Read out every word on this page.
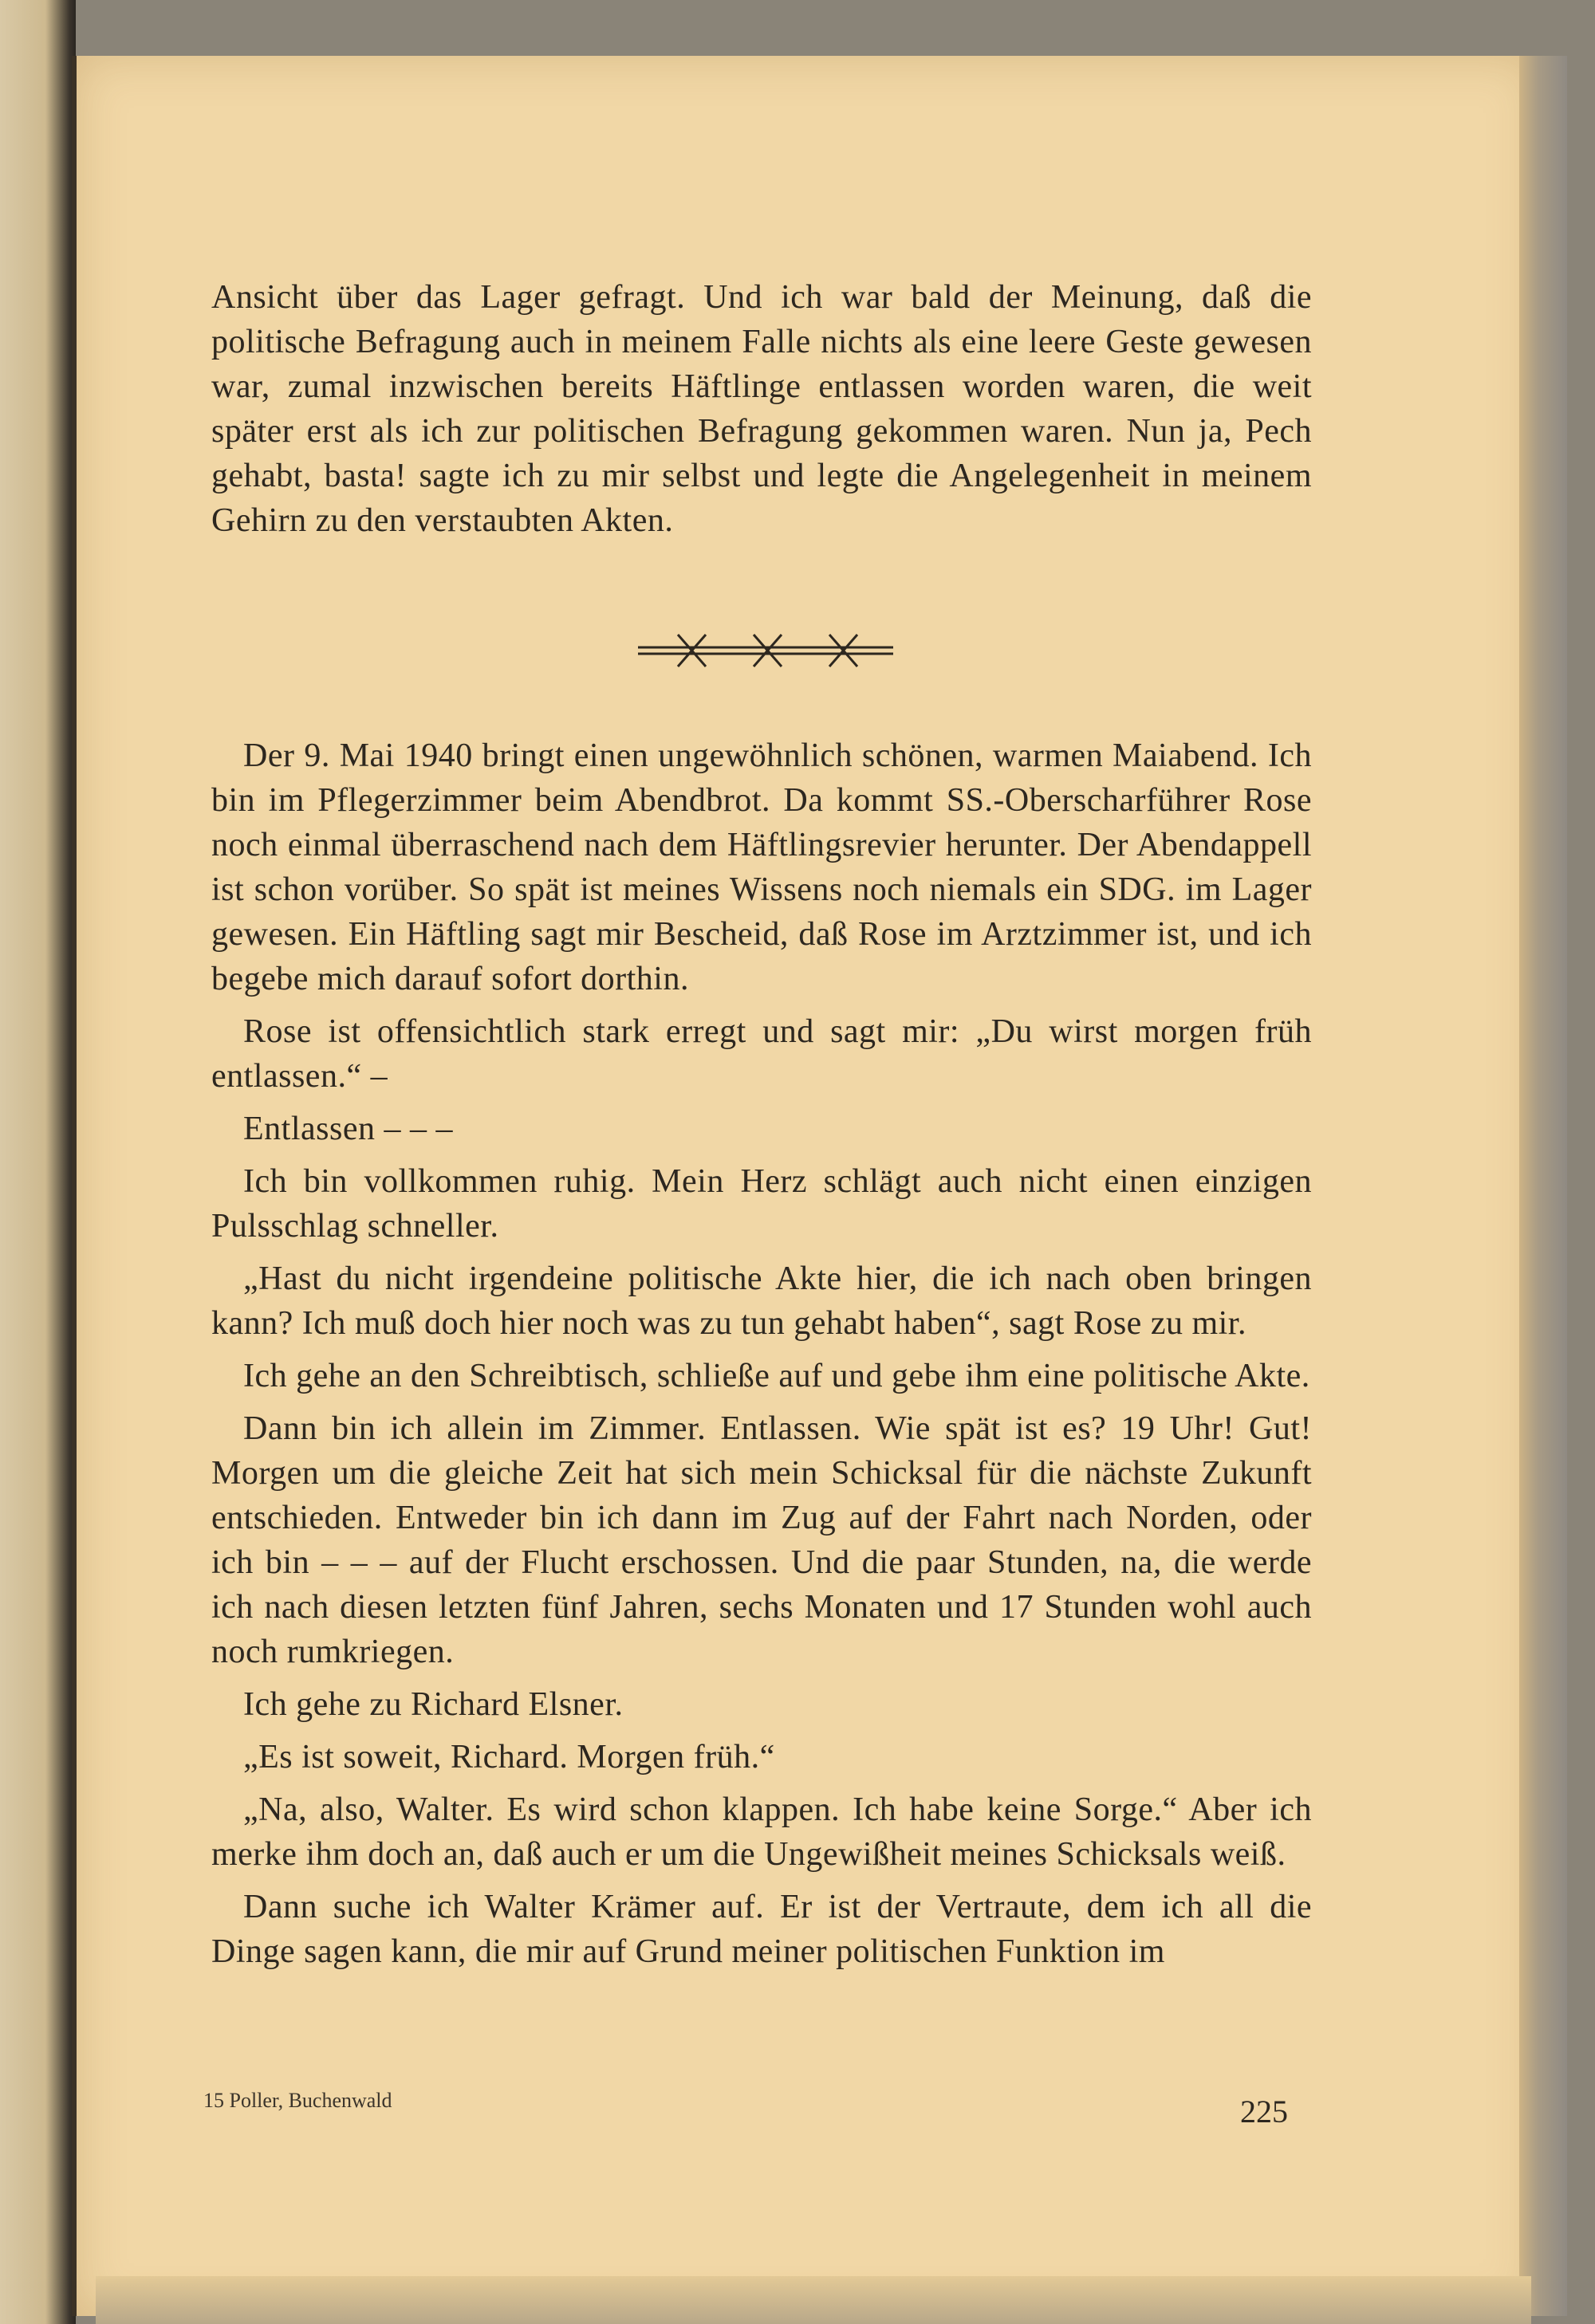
Ansicht über das Lager gefragt. Und ich war bald der Meinung, daß die politische Befragung auch in meinem Falle nichts als eine leere Geste gewesen war, zumal inzwischen bereits Häftlinge entlassen worden waren, die weit später erst als ich zur politischen Befragung gekommen waren. Nun ja, Pech gehabt, basta! sagte ich zu mir selbst und legte die Angelegenheit in meinem Gehirn zu den verstaubten Akten.

Der 9. Mai 1940 bringt einen ungewöhnlich schönen, warmen Maiabend. Ich bin im Pflegerzimmer beim Abendbrot. Da kommt SS.-Oberscharführer Rose noch einmal überraschend nach dem Häftlingsrevier herunter. Der Abendappell ist schon vorüber. So spät ist meines Wissens noch niemals ein SDG. im Lager gewesen. Ein Häftling sagt mir Bescheid, daß Rose im Arztzimmer ist, und ich begebe mich darauf sofort dorthin.

Rose ist offensichtlich stark erregt und sagt mir: „Du wirst morgen früh entlassen.“ –

Entlassen – – –

Ich bin vollkommen ruhig. Mein Herz schlägt auch nicht einen einzigen Pulsschlag schneller.

„Hast du nicht irgendeine politische Akte hier, die ich nach oben bringen kann? Ich muß doch hier noch was zu tun gehabt haben“, sagt Rose zu mir.

Ich gehe an den Schreibtisch, schließe auf und gebe ihm eine politische Akte.

Dann bin ich allein im Zimmer. Entlassen. Wie spät ist es? 19 Uhr! Gut! Morgen um die gleiche Zeit hat sich mein Schicksal für die nächste Zukunft entschieden. Entweder bin ich dann im Zug auf der Fahrt nach Norden, oder ich bin – – – auf der Flucht erschossen. Und die paar Stunden, na, die werde ich nach diesen letzten fünf Jahren, sechs Monaten und 17 Stunden wohl auch noch rumkriegen.

Ich gehe zu Richard Elsner.

„Es ist soweit, Richard. Morgen früh.“

„Na, also, Walter. Es wird schon klappen. Ich habe keine Sorge.“ Aber ich merke ihm doch an, daß auch er um die Ungewißheit meines Schicksals weiß.

Dann suche ich Walter Krämer auf. Er ist der Vertraute, dem ich all die Dinge sagen kann, die mir auf Grund meiner politischen Funktion im

15 Poller, Buchenwald	225
